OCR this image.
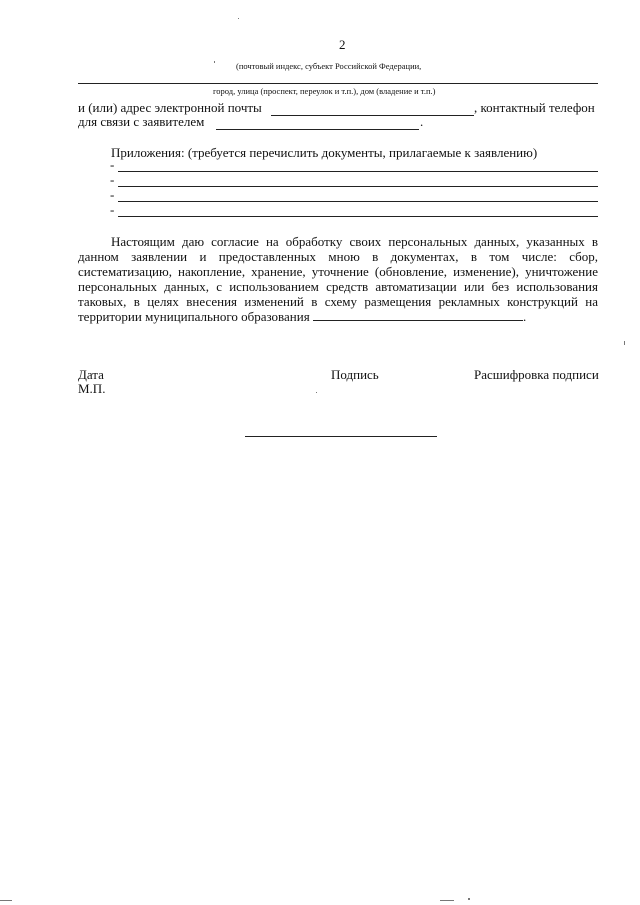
2
(почтовый индекс, субъект Российской Федерации,
город, улица (проспект, переулок и т.п.), дом (владение и т.п.)
и (или) адрес электронной почты	, контактный телефон
для связи с заявителем	.
Приложения: (требуется перечислить документы, прилагаемые к заявлению)
-
-
-
-
Настоящим даю согласие на обработку своих персональных данных, указанных в данном заявлении и предоставленных мною в документах, в том числе: сбор, систематизацию, накопление, хранение, уточнение (обновление, изменение), уничтожение персональных данных, с использованием средств автоматизации или без использования таковых, в целях внесения изменений в схему размещения рекламных конструкций на территории муниципального образования	.
Дата
М.П.
Подпись	Расшифровка подписи
